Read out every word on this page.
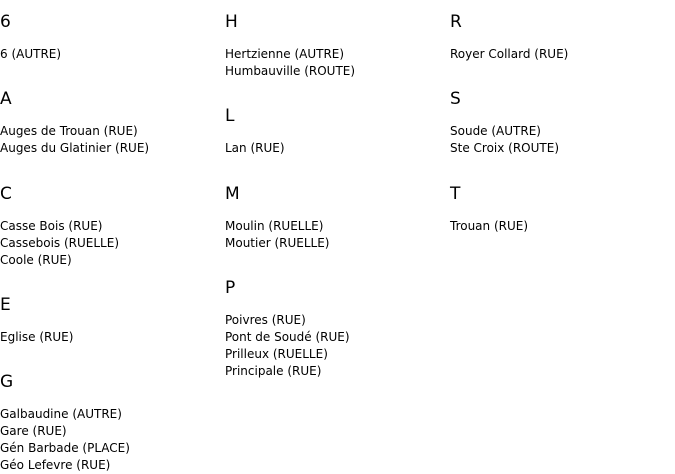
6
6 (AUTRE)
A
Auges de Trouan (RUE)
Auges du Glatinier (RUE)
C
Casse Bois (RUE)
Cassebois (RUELLE)
Coole (RUE)
E
Eglise (RUE)
G
Galbaudine (AUTRE)
Gare (RUE)
Gén Barbade (PLACE)
Géo Lefevre (RUE)
H
Hertzienne (AUTRE)
Humbauville (ROUTE)
L
Lan (RUE)
M
Moulin (RUELLE)
Moutier (RUELLE)
P
Poivres (RUE)
Pont de Soudé (RUE)
Prilleux (RUELLE)
Principale (RUE)
R
Royer Collard (RUE)
S
Soude (AUTRE)
Ste Croix (ROUTE)
T
Trouan (RUE)
